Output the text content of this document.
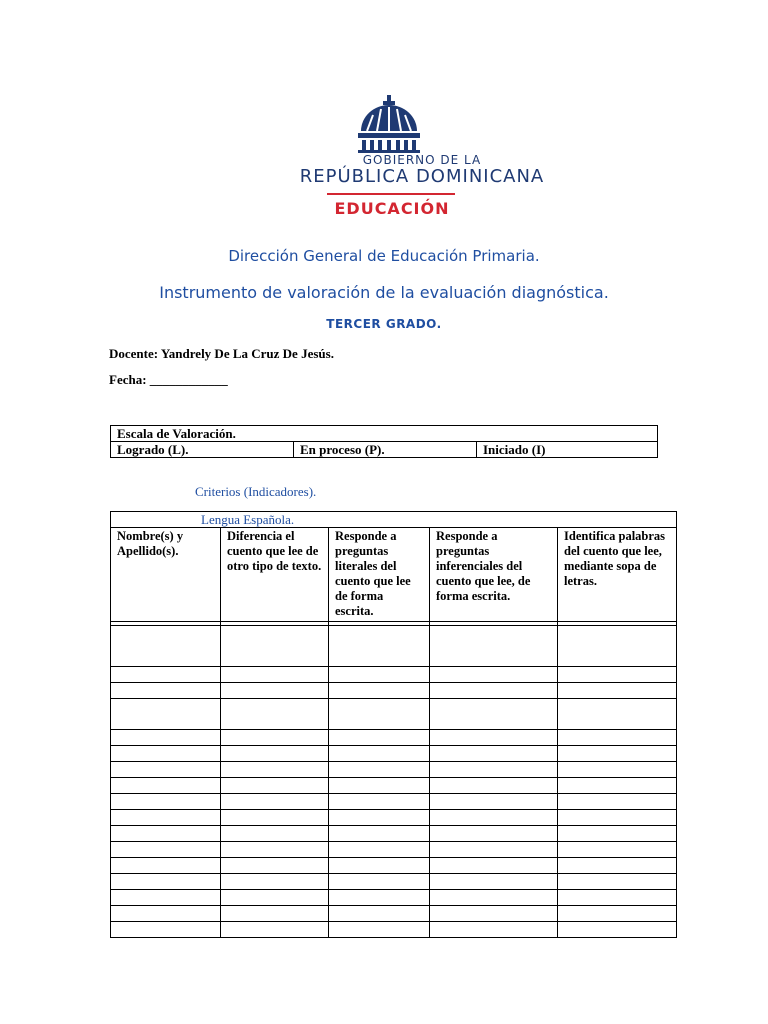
GOBIERNO DE LA
REPÚBLICA DOMINICANA
EDUCACIÓN
Dirección General de Educación Primaria.
Instrumento de valoración de la evaluación diagnóstica.
TERCER GRADO.
Docente: Yandrely De La Cruz De Jesús.
Fecha: ____________
Escala de Valoración.
Logrado (L).	En proceso (P).	Iniciado (I)
Criterios (Indicadores).
Lengua Española.				
Nombre(s) y Apellido(s).	Diferencia el cuento que lee de otro tipo de texto.	Responde a preguntas literales del cuento que lee de forma escrita.	Responde a preguntas inferenciales del cuento que lee, de forma escrita.	Identifica palabras del cuento que lee, mediante sopa de letras.
